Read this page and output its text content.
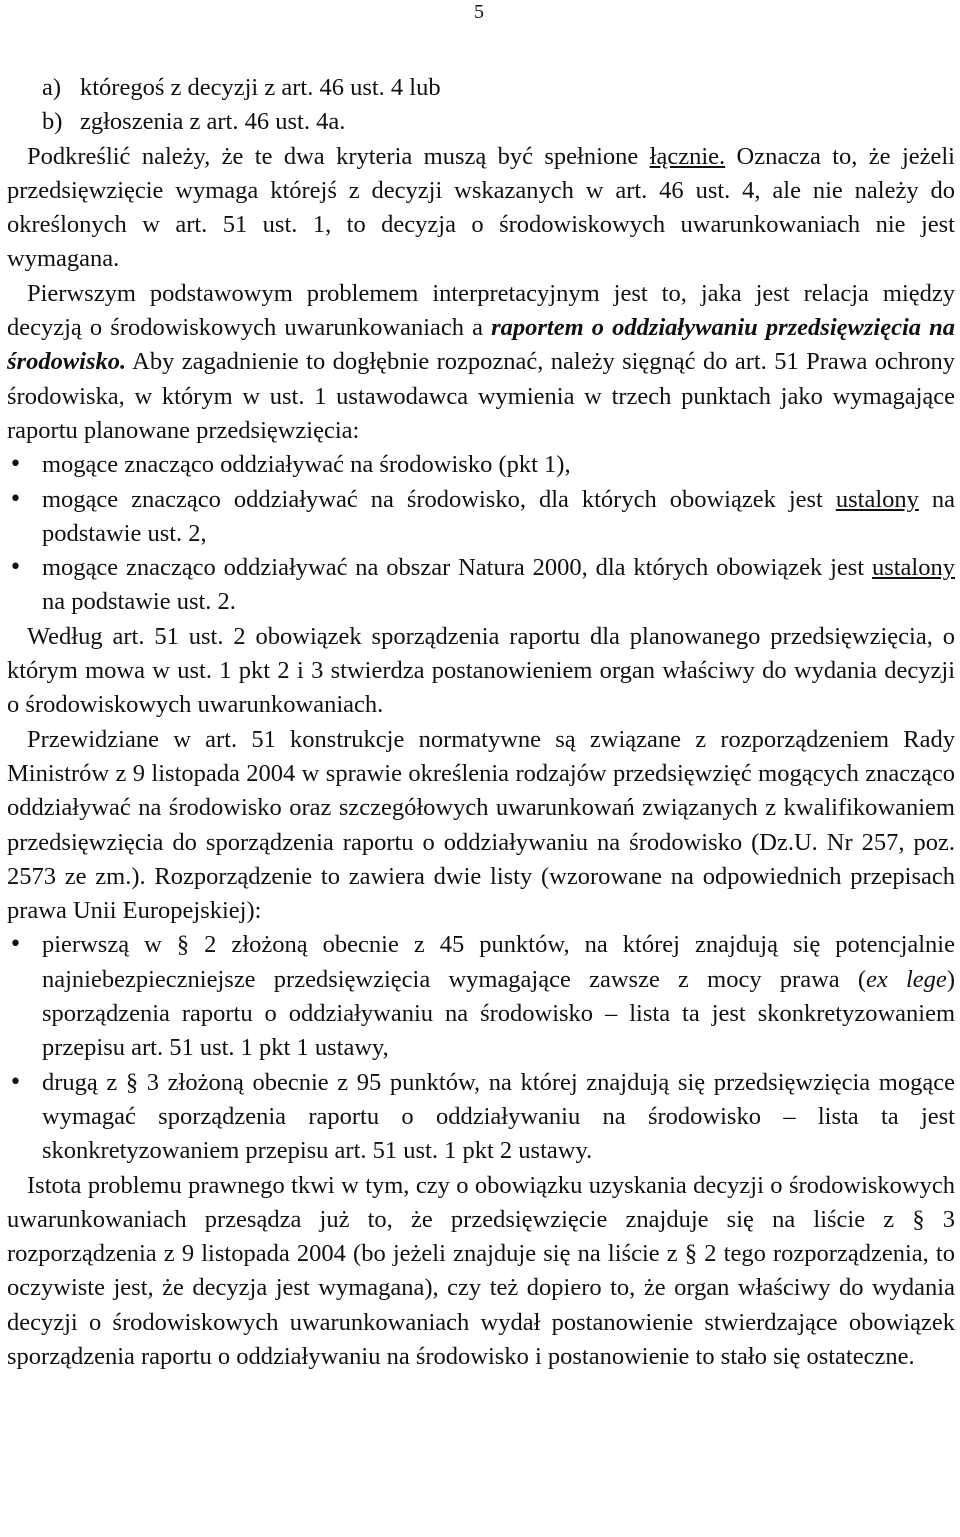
5
a) któregoś z decyzji z art. 46 ust. 4 lub
b) zgłoszenia z art. 46 ust. 4a.

Podkreślić należy, że te dwa kryteria muszą być spełnione łącznie. Oznacza to, że jeżeli przedsięwzięcie wymaga którejś z decyzji wskazanych w art. 46 ust. 4, ale nie należy do określonych w art. 51 ust. 1, to decyzja o środowiskowych uwarunkowaniach nie jest wymagana.

Pierwszym podstawowym problemem interpretacyjnym jest to, jaka jest relacja między decyzją o środowiskowych uwarunkowaniach a raportem o oddziaływaniu przedsięwzięcia na środowisko. Aby zagadnienie to dogłębnie rozpoznać, należy sięgnąć do art. 51 Prawa ochrony środowiska, w którym w ust. 1 ustawodawca wymienia w trzech punktach jako wymagające raportu planowane przedsięwzięcia:

• mogące znacząco oddziaływać na środowisko (pkt 1),
• mogące znacząco oddziaływać na środowisko, dla których obowiązek jest ustalony na podstawie ust. 2,
• mogące znacząco oddziaływać na obszar Natura 2000, dla których obowiązek jest ustalony na podstawie ust. 2.

Według art. 51 ust. 2 obowiązek sporządzenia raportu dla planowanego przedsięwzięcia, o którym mowa w ust. 1 pkt 2 i 3 stwierdza postanowieniem organ właściwy do wydania decyzji o środowiskowych uwarunkowaniach.

Przewidziane w art. 51 konstrukcje normatywne są związane z rozporządzeniem Rady Ministrów z 9 listopada 2004 w sprawie określenia rodzajów przedsięwzięć mogących znacząco oddziaływać na środowisko oraz szczegółowych uwarunkowań związanych z kwalifikowaniem przedsięwzięcia do sporządzenia raportu o oddziaływaniu na środowisko (Dz.U. Nr 257, poz. 2573 ze zm.). Rozporządzenie to zawiera dwie listy (wzorowane na odpowiednich przepisach prawa Unii Europejskiej):

• pierwszą w § 2 złożoną obecnie z 45 punktów, na której znajdują się potencjalnie najniebezpieczniejsze przedsięwzięcia wymagające zawsze z mocy prawa (ex lege) sporządzenia raportu o oddziaływaniu na środowisko – lista ta jest skonkretyzowaniem przepisu art. 51 ust. 1 pkt 1 ustawy,
• drugą z § 3 złożoną obecnie z 95 punktów, na której znajdują się przedsięwzięcia mogące wymagać sporządzenia raportu o oddziaływaniu na środowisko – lista ta jest skonkretyzowaniem przepisu art. 51 ust. 1 pkt 2 ustawy.

Istota problemu prawnego tkwi w tym, czy o obowiązku uzyskania decyzji o środowiskowych uwarunkowaniach przesądza już to, że przedsięwzięcie znajduje się na liście z § 3 rozporządzenia z 9 listopada 2004 (bo jeżeli znajduje się na liście z § 2 tego rozporządzenia, to oczywiste jest, że decyzja jest wymagana), czy też dopiero to, że organ właściwy do wydania decyzji o środowiskowych uwarunkowaniach wydał postanowienie stwierdzające obowiązek sporządzenia raportu o oddziaływaniu na środowisko i postanowienie to stało się ostateczne.
